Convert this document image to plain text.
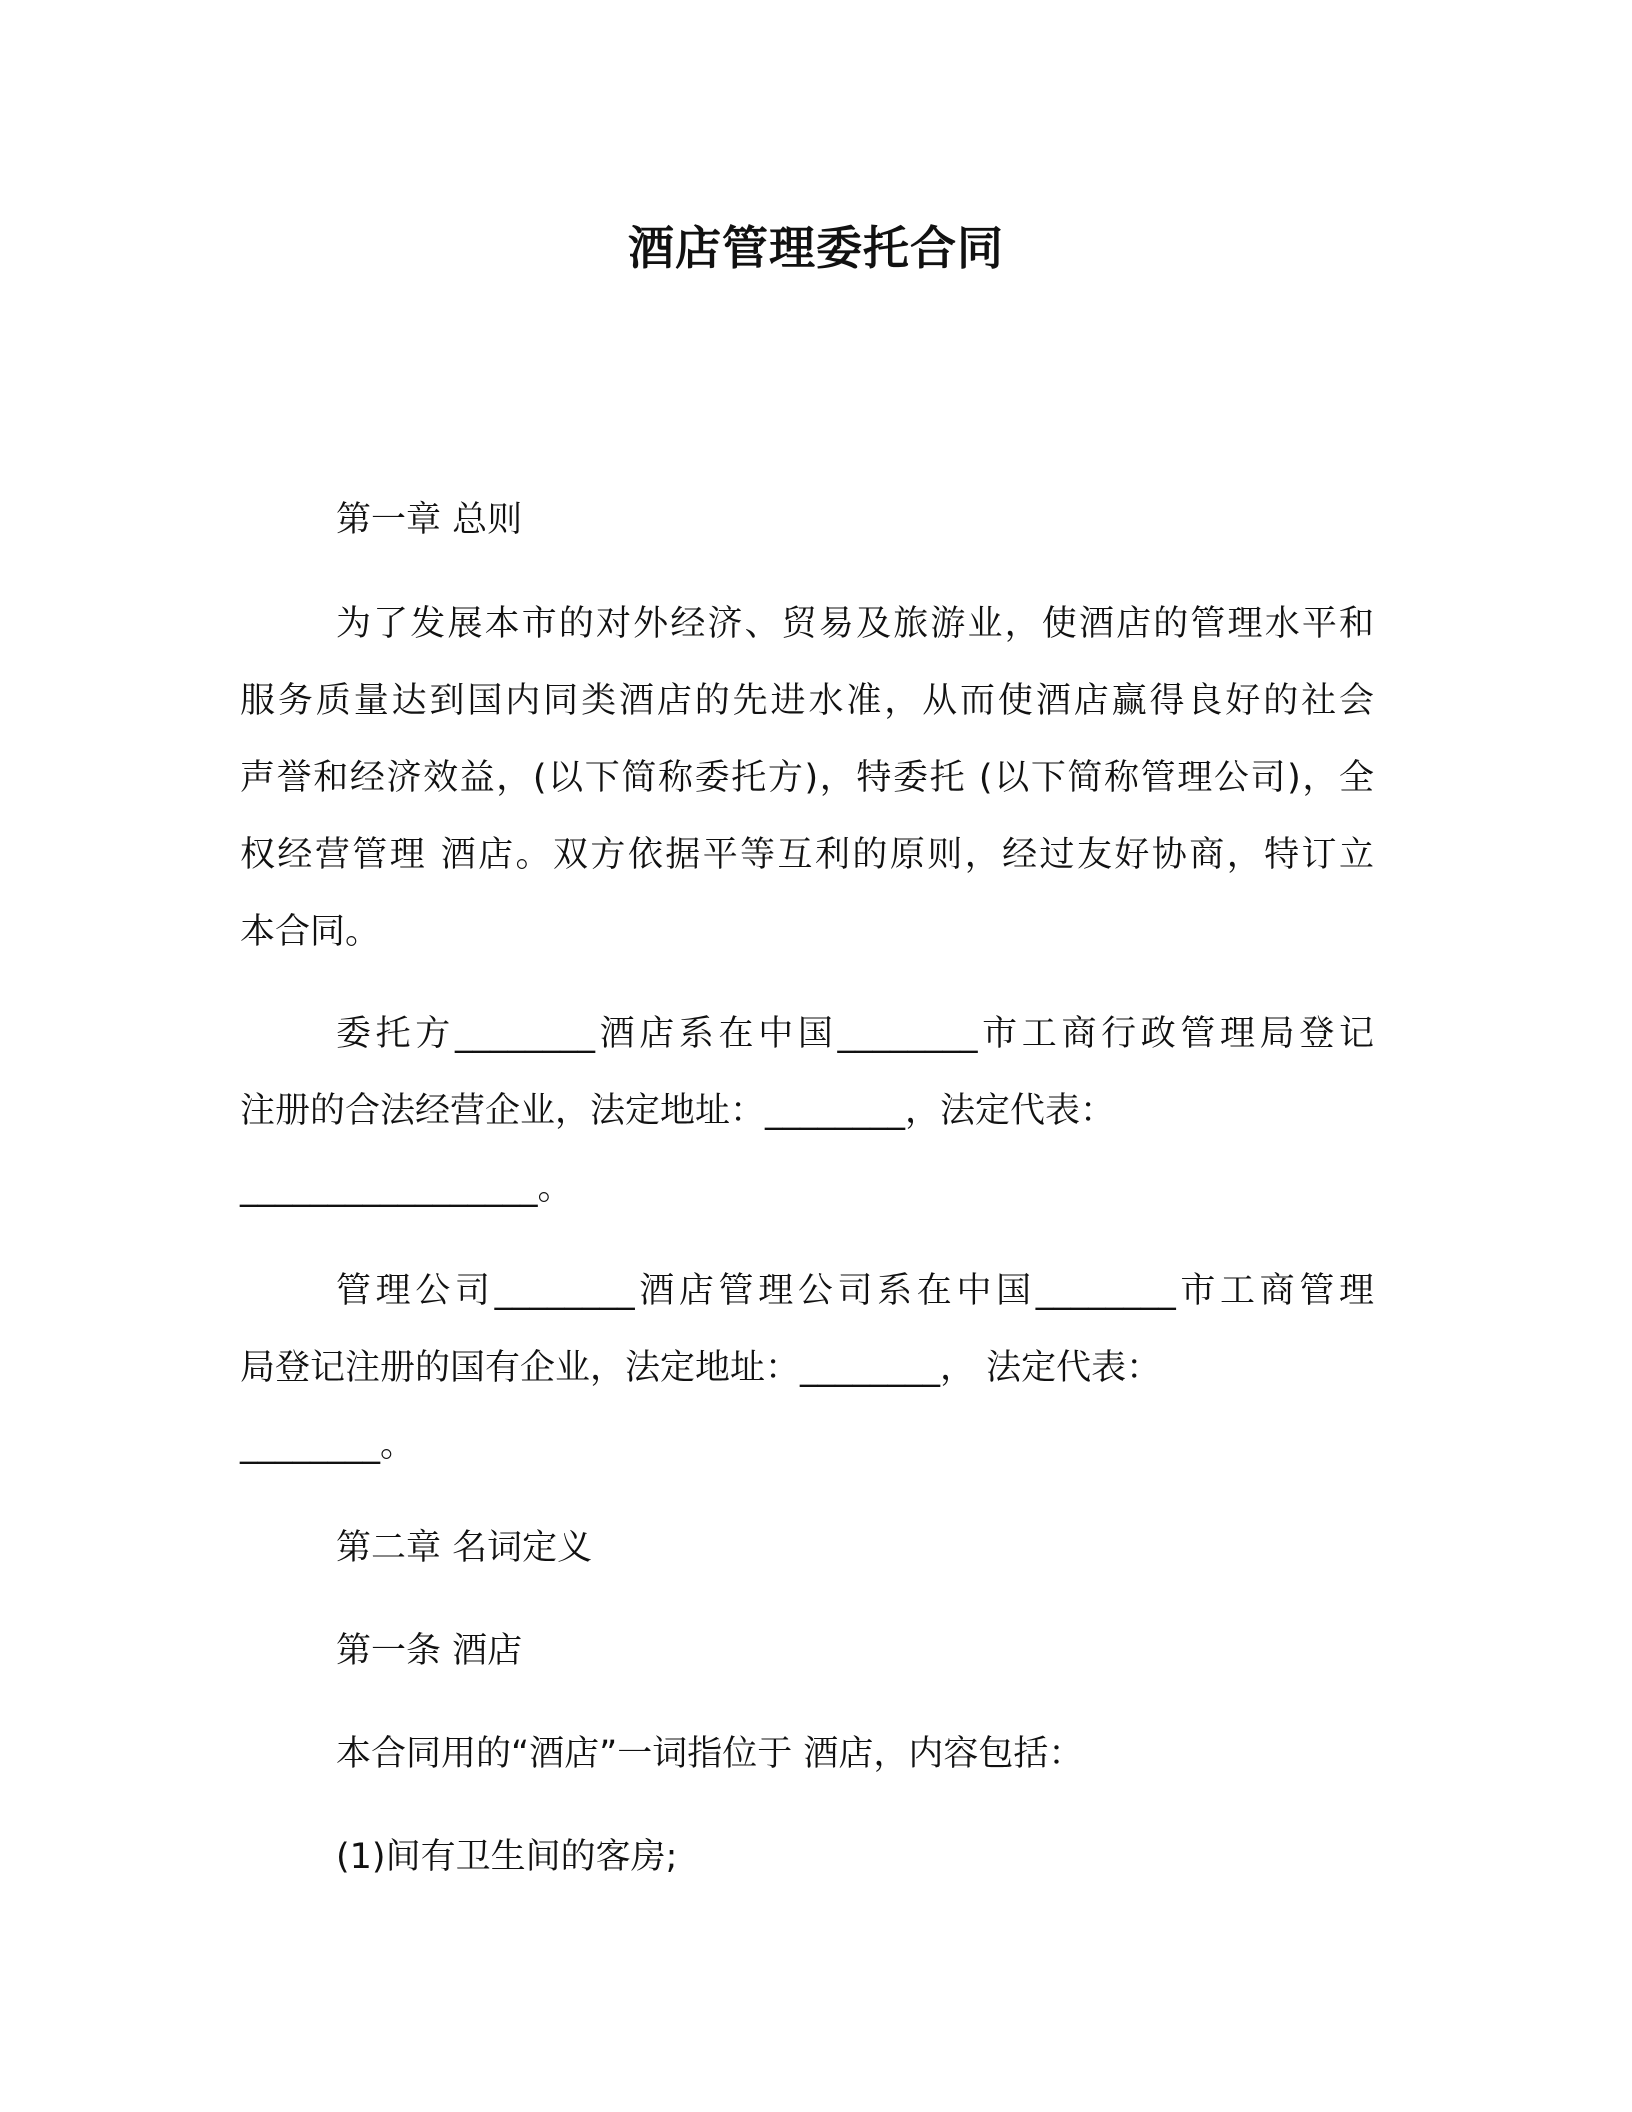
酒店管理委托合同
第一章 总则
为了发展本市的对外经济、贸易及旅游业，使酒店的管理水平和
服务质量达到国内同类酒店的先进水准，从而使酒店赢得良好的社会
声誉和经济效益，(以下简称委托方)，特委托 (以下简称管理公司)，全
权经营管理 酒店。双方依据平等互利的原则，经过友好协商，特订立
本合同。
委托方________酒店系在中国________市工商行政管理局登记
注册的合法经营企业，法定地址：________，法定代表：
_________________。
管理公司________酒店管理公司系在中国________市工商管理
局登记注册的国有企业，法定地址：________， 法定代表：
________。
第二章 名词定义
第一条 酒店
本合同用的“酒店”一词指位于 酒店，内容包括：
(1)间有卫生间的客房;
